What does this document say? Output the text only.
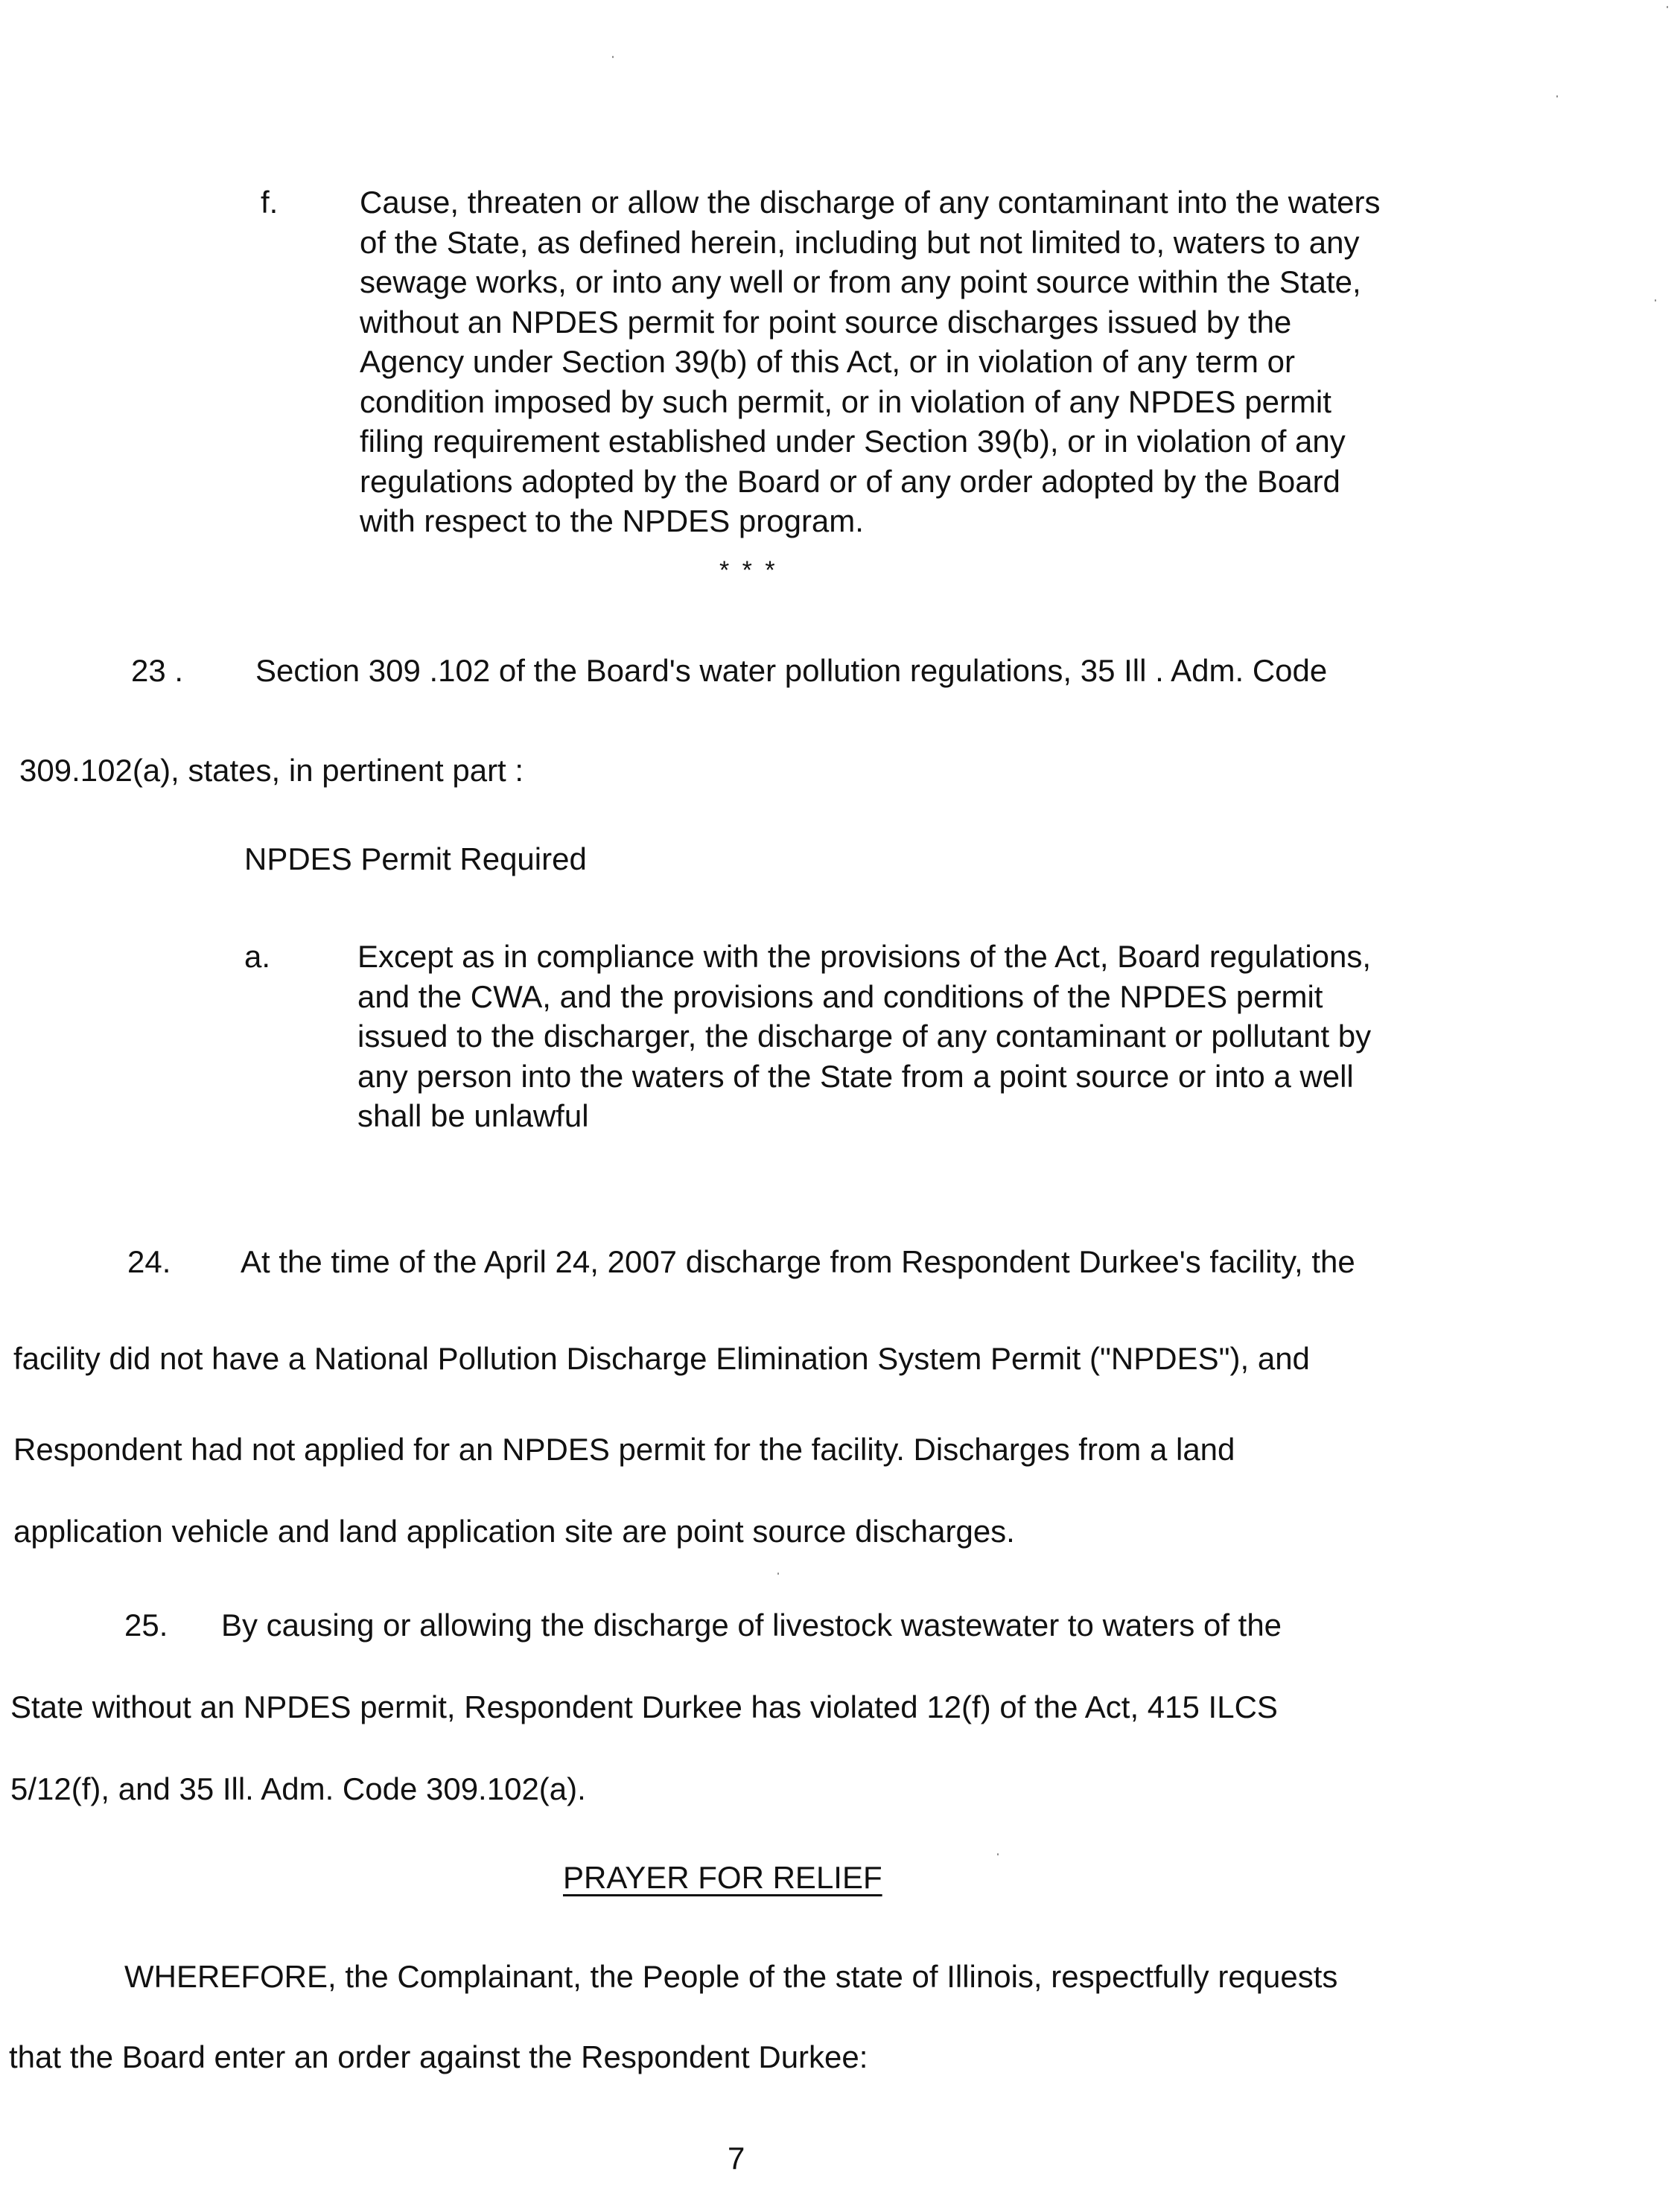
f.	Cause, threaten or allow the discharge of any contaminant into the waters
of the State, as defined herein, including but not limited to, waters to any
sewage works, or into any well or from any point source within the State,
without an NPDES permit for point source discharges issued by the
Agency under Section 39(b) of this Act, or in violation of any term or
condition imposed by such permit, or in violation of any NPDES permit
filing requirement established under Section 39(b), or in violation of any
regulations adopted by the Board or of any order adopted by the Board
with respect to the NPDES program.
* * *
23 . Section 309 .102 of the Board's water pollution regulations, 35 Ill . Adm. Code
309.102(a), states, in pertinent part :
NPDES Permit Required
a.	Except as in compliance with the provisions of the Act, Board regulations,
and the CWA, and the provisions and conditions of the NPDES permit
issued to the discharger, the discharge of any contaminant or pollutant by
any person into the waters of the State from a point source or into a well
shall be unlawful
24. At the time of the April 24, 2007 discharge from Respondent Durkee's facility, the
facility did not have a National Pollution Discharge Elimination System Permit ("NPDES"), and
Respondent had not applied for an NPDES permit for the facility. Discharges from a land
application vehicle and land application site are point source discharges.
25. By causing or allowing the discharge of livestock wastewater to waters of the
State without an NPDES permit, Respondent Durkee has violated 12(f) of the Act, 415 ILCS
5/12(f), and 35 Ill. Adm. Code 309.102(a).
PRAYER FOR RELIEF
WHEREFORE, the Complainant, the People of the state of Illinois, respectfully requests
that the Board enter an order against the Respondent Durkee:
7
